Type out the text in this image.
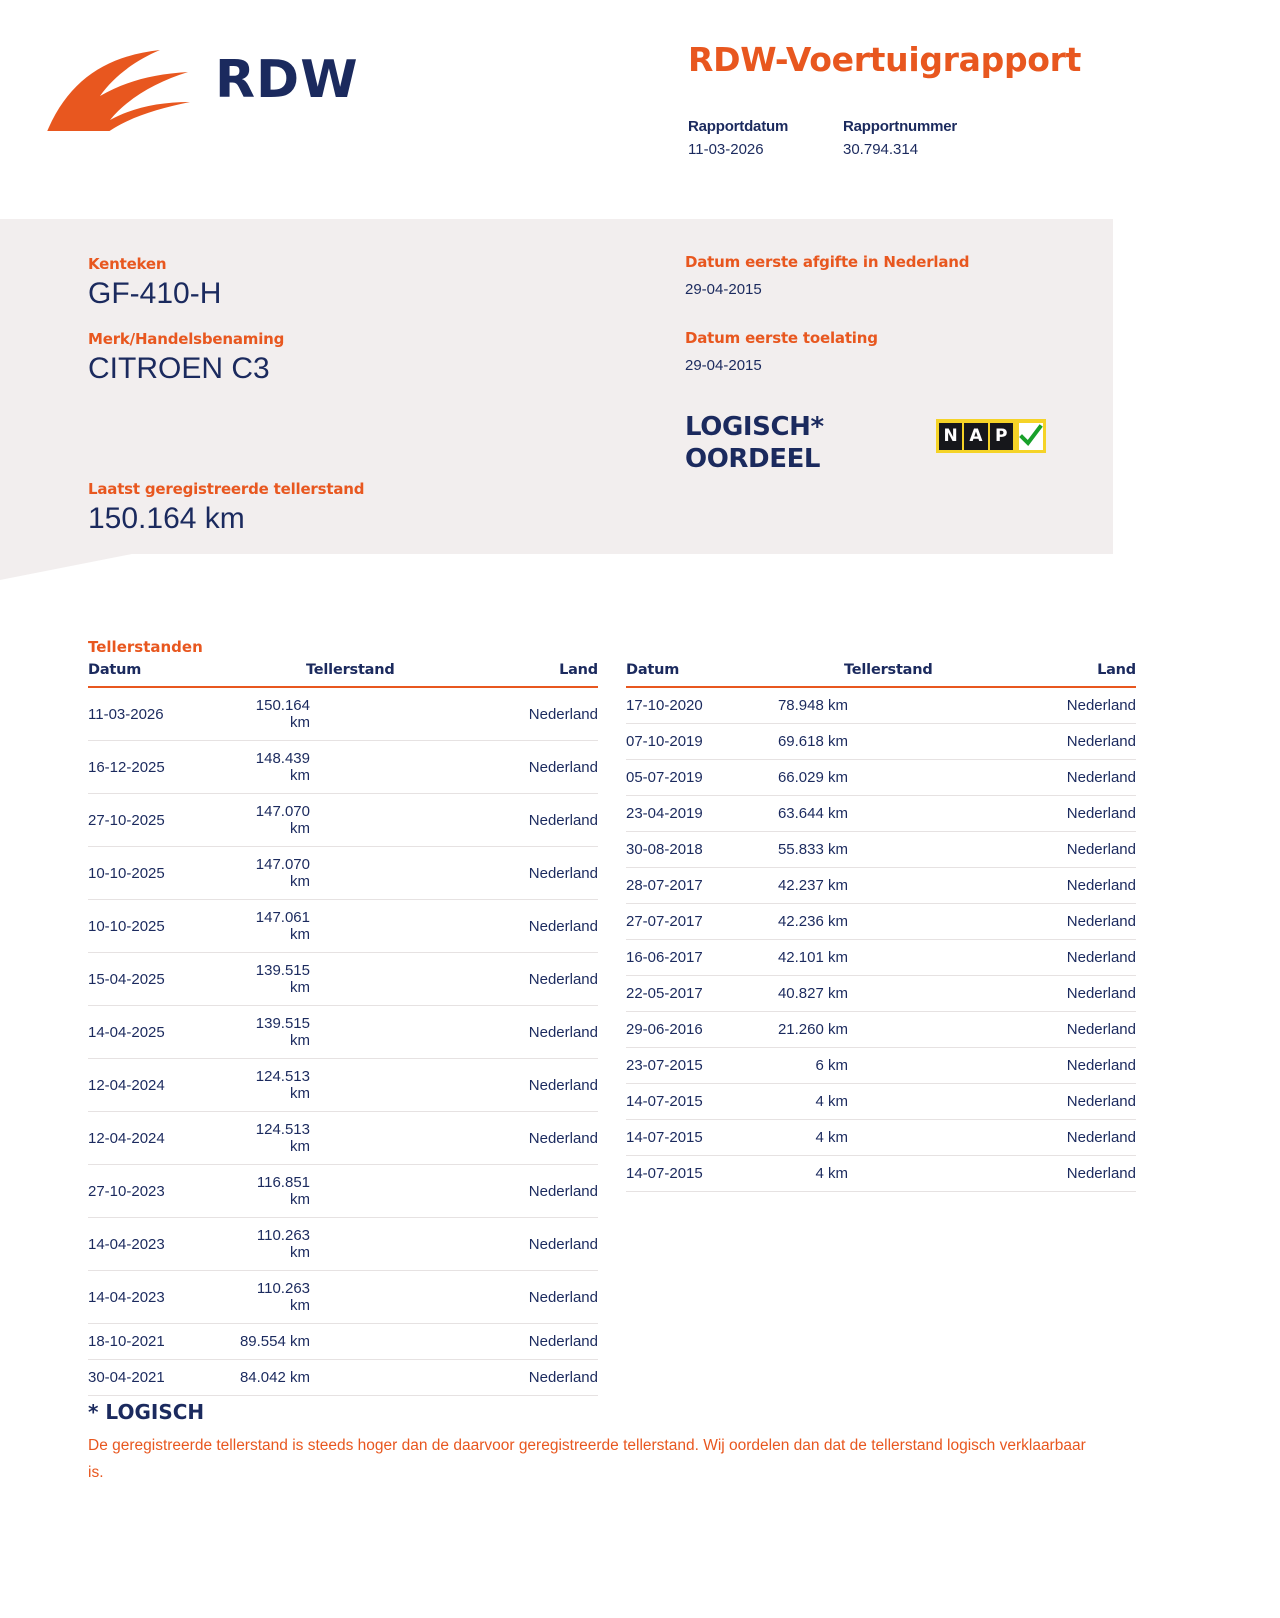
RDW	RDW-Voertuigrapport
Rapportdatum	Rapportnummer
11-03-2026	30.794.314
Kenteken
GF-410-H
Merk/Handelsbenaming
CITROEN C3
Laatst geregistreerde tellerstand
150.164 km
Datum eerste afgifte in Nederland
29-04-2015
Datum eerste toelating
29-04-2015
LOGISCH*
OORDEEL
N A P
Tellerstanden
Datum	Tellerstand	Land
11-03-2026	150.164 km	Nederland
16-12-2025	148.439 km	Nederland
27-10-2025	147.070 km	Nederland
10-10-2025	147.070 km	Nederland
10-10-2025	147.061 km	Nederland
15-04-2025	139.515 km	Nederland
14-04-2025	139.515 km	Nederland
12-04-2024	124.513 km	Nederland
12-04-2024	124.513 km	Nederland
27-10-2023	116.851 km	Nederland
14-04-2023	110.263 km	Nederland
14-04-2023	110.263 km	Nederland
18-10-2021	89.554 km	Nederland
30-04-2021	84.042 km	Nederland
Datum	Tellerstand	Land
17-10-2020	78.948 km	Nederland
07-10-2019	69.618 km	Nederland
05-07-2019	66.029 km	Nederland
23-04-2019	63.644 km	Nederland
30-08-2018	55.833 km	Nederland
28-07-2017	42.237 km	Nederland
27-07-2017	42.236 km	Nederland
16-06-2017	42.101 km	Nederland
22-05-2017	40.827 km	Nederland
29-06-2016	21.260 km	Nederland
23-07-2015	6 km	Nederland
14-07-2015	4 km	Nederland
14-07-2015	4 km	Nederland
14-07-2015	4 km	Nederland
* LOGISCH
De geregistreerde tellerstand is steeds hoger dan de daarvoor geregistreerde tellerstand. Wij oordelen dan dat de tellerstand logisch verklaarbaar is.
